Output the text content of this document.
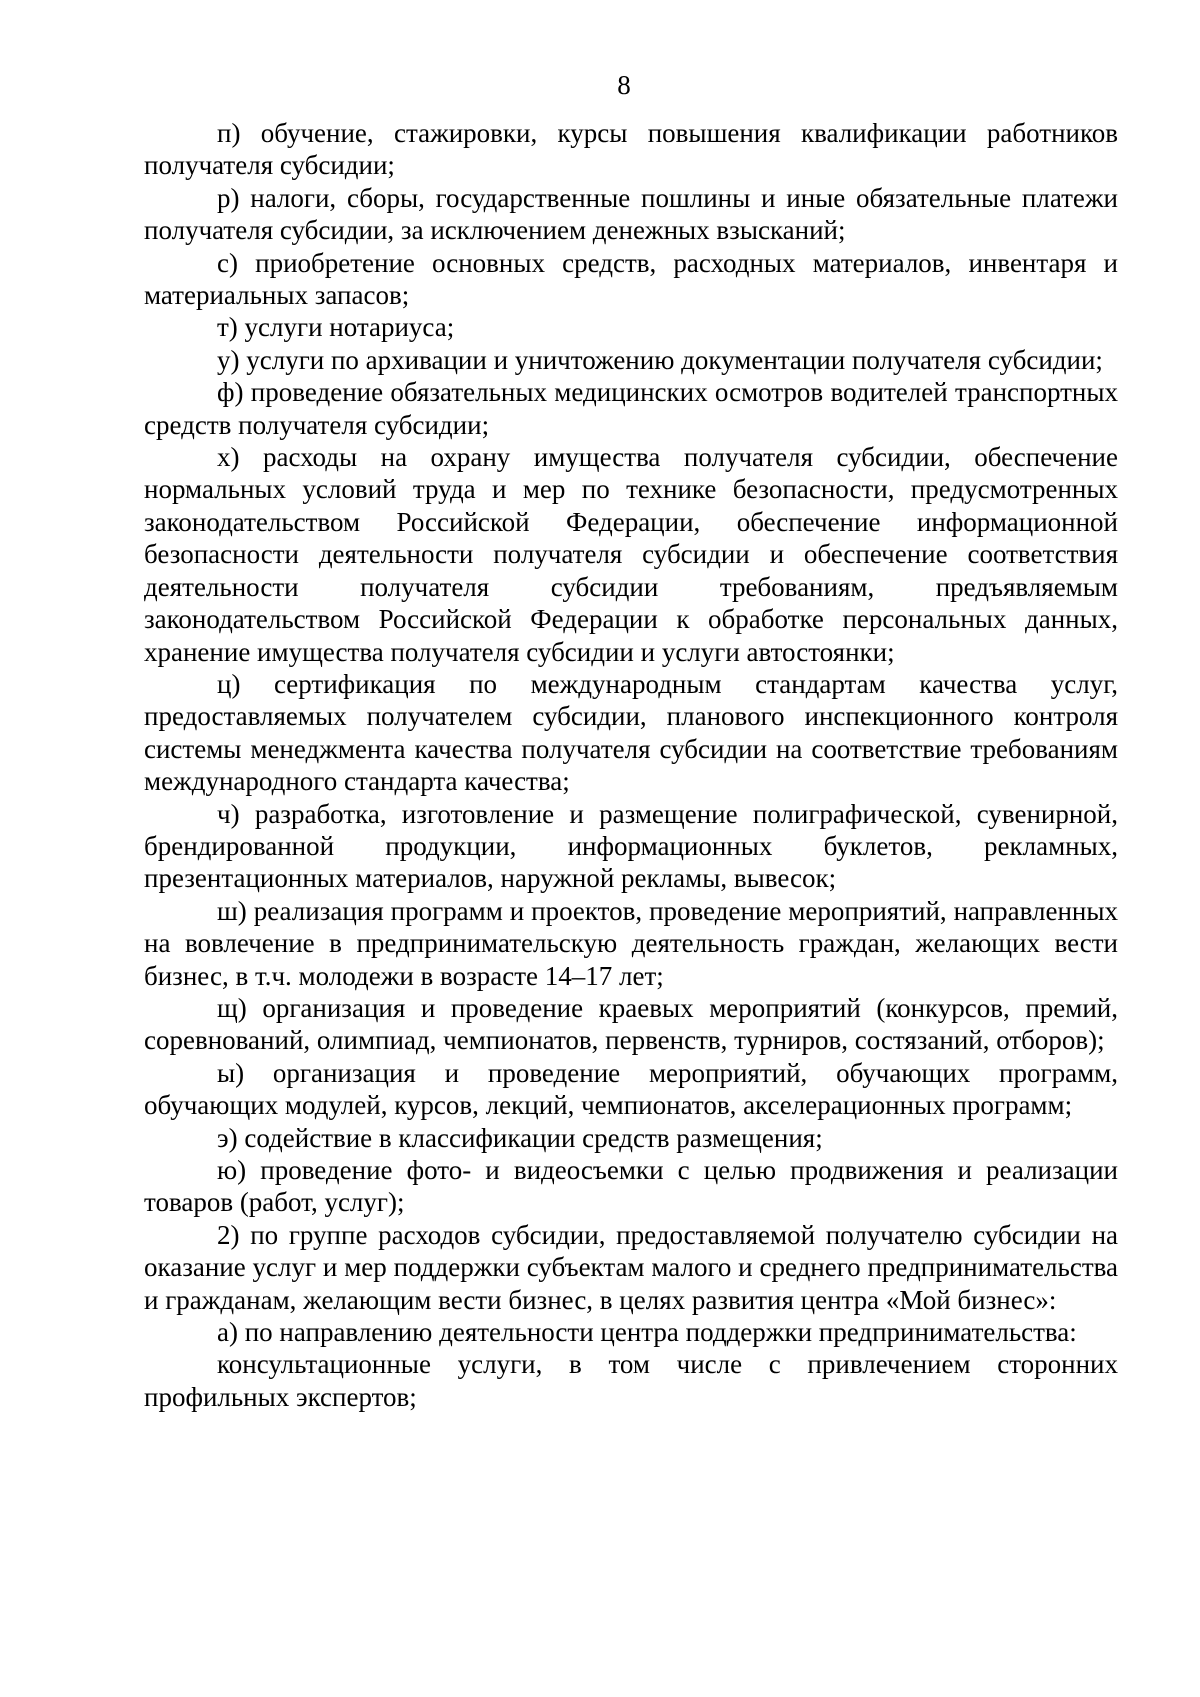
8

п) обучение, стажировки, курсы повышения квалификации работников получателя субсидии;

р) налоги, сборы, государственные пошлины и иные обязательные платежи получателя субсидии, за исключением денежных взысканий;

с) приобретение основных средств, расходных материалов, инвентаря и материальных запасов;

т) услуги нотариуса;

у) услуги по архивации и уничтожению документации получателя субсидии;

ф) проведение обязательных медицинских осмотров водителей транспортных средств получателя субсидии;

х) расходы на охрану имущества получателя субсидии, обеспечение нормальных условий труда и мер по технике безопасности, предусмотренных законодательством Российской Федерации, обеспечение информационной безопасности деятельности получателя субсидии и обеспечение соответствия деятельности получателя субсидии требованиям, предъявляемым законодательством Российской Федерации к обработке персональных данных, хранение имущества получателя субсидии и услуги автостоянки;

ц) сертификация по международным стандартам качества услуг, предоставляемых получателем субсидии, планового инспекционного контроля системы менеджмента качества получателя субсидии на соответствие требованиям международного стандарта качества;

ч) разработка, изготовление и размещение полиграфической, сувенирной, брендированной продукции, информационных буклетов, рекламных, презентационных материалов, наружной рекламы, вывесок;

ш) реализация программ и проектов, проведение мероприятий, направленных на вовлечение в предпринимательскую деятельность граждан, желающих вести бизнес, в т.ч. молодежи в возрасте 14–17 лет;

щ) организация и проведение краевых мероприятий (конкурсов, премий, соревнований, олимпиад, чемпионатов, первенств, турниров, состязаний, отборов);

ы) организация и проведение мероприятий, обучающих программ, обучающих модулей, курсов, лекций, чемпионатов, акселерационных программ;

э) содействие в классификации средств размещения;

ю) проведение фото- и видеосъемки с целью продвижения и реализации товаров (работ, услуг);

2) по группе расходов субсидии, предоставляемой получателю субсидии на оказание услуг и мер поддержки субъектам малого и среднего предпринимательства и гражданам, желающим вести бизнес, в целях развития центра «Мой бизнес»:

а) по направлению деятельности центра поддержки предпринимательства:

консультационные услуги, в том числе с привлечением сторонних профильных экспертов;
